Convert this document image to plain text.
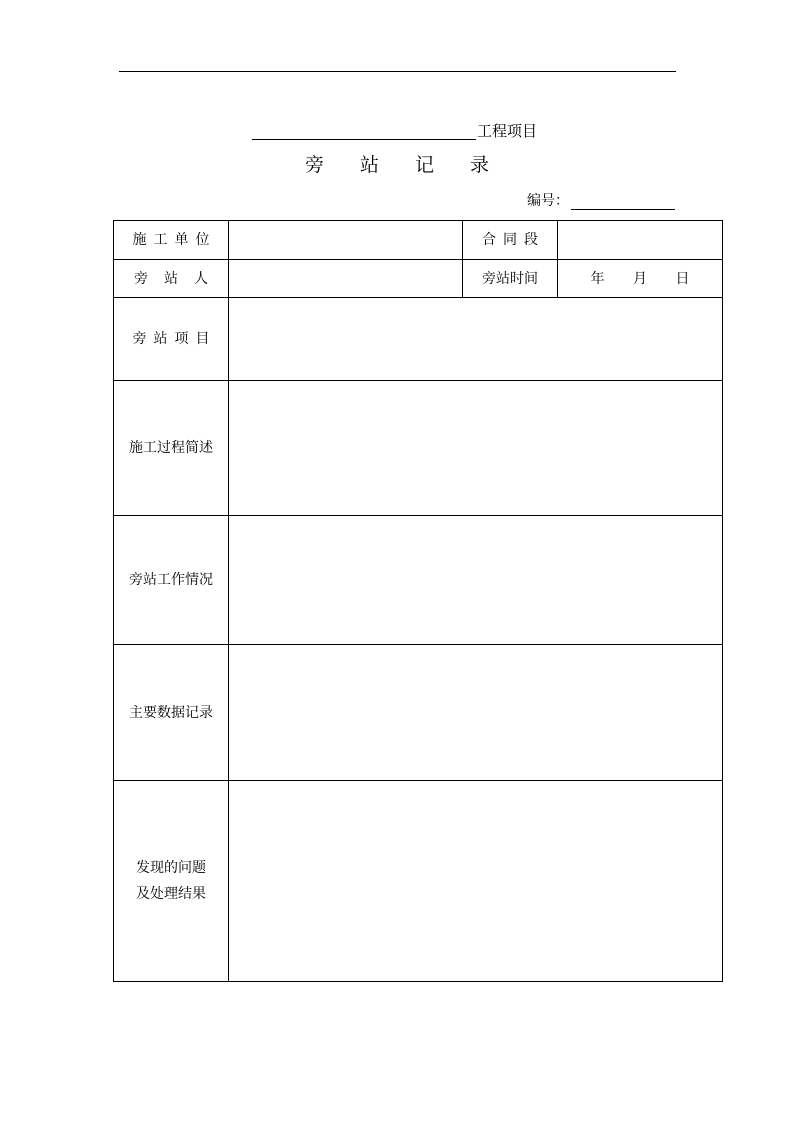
工程项目
旁 站 记 录
编号：
施工单位		合同段	
旁站人		旁站时间	年 月 日
旁站项目			
施工过程简述			
旁站工作情况			
主要数据记录			

发现的问题
及处理结果			
